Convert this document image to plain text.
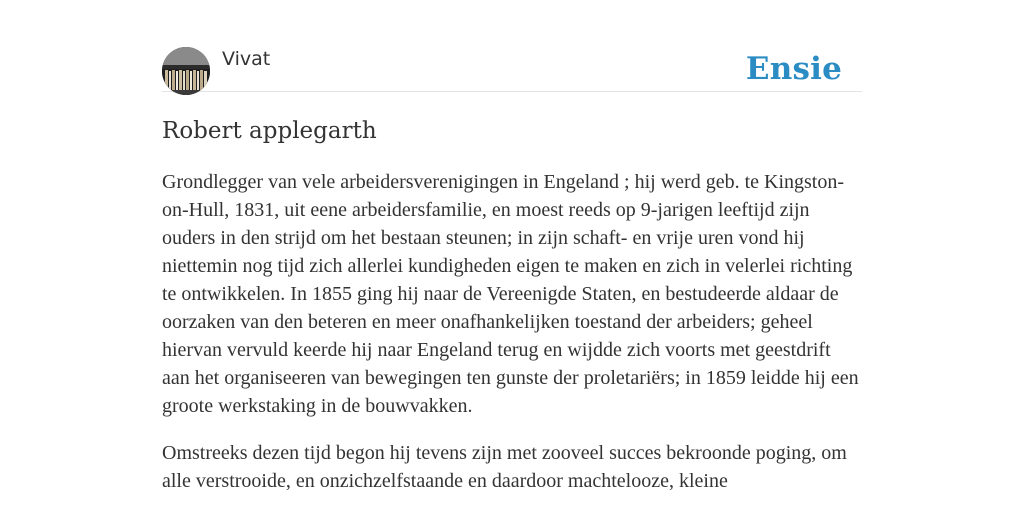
Vivat	Ensie
Robert applegarth

Grondlegger van vele arbeidersverenigingen in Engeland ; hij werd geb. te Kingston-on-Hull, 1831, uit eene arbeidersfamilie, en moest reeds op 9-jarigen leeftijd zijn ouders in den strijd om het bestaan steunen; in zijn schaft- en vrije uren vond hij niettemin nog tijd zich allerlei kundigheden eigen te maken en zich in velerlei richting te ontwikkelen. In 1855 ging hij naar de Vereenigde Staten, en bestudeerde aldaar de oorzaken van den beteren en meer onafhankelijken toestand der arbeiders; geheel hiervan vervuld keerde hij naar Engeland terug en wijdde zich voorts met geestdrift aan het organiseeren van bewegingen ten gunste der proletariërs; in 1859 leidde hij een groote werkstaking in de bouwvakken.

Omstreeks dezen tijd begon hij tevens zijn met zooveel succes bekroonde poging, om alle verstrooide, en onzichzelfstaande en daardoor machtelooze, kleine
